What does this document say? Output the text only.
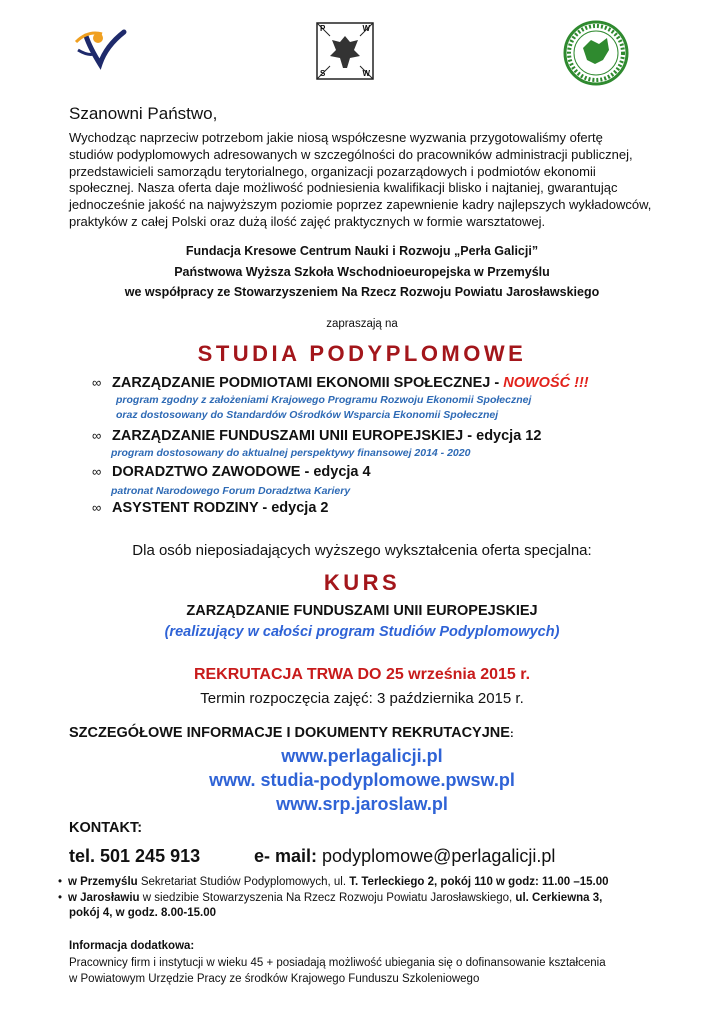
P	W
S	W
Szanowni Państwo,
Wychodząc naprzeciw potrzebom jakie niosą współczesne wyzwania przygotowaliśmy ofertę
studiów podyplomowych adresowanych w szczególności do pracowników administracji publicznej,
przedstawicieli samorządu terytorialnego, organizacji pozarządowych i podmiotów ekonomii
społecznej. Nasza oferta daje możliwość podniesienia kwalifikacji blisko i najtaniej, gwarantując
jednocześnie jakość na najwyższym poziomie poprzez zapewnienie kadry najlepszych wykładowców,
praktyków z całej Polski oraz dużą ilość zajęć praktycznych w formie warsztatowej.
Fundacja Kresowe Centrum Nauki i Rozwoju „Perła Galicji”
Państwowa Wyższa Szkoła Wschodnioeuropejska w Przemyślu
we współpracy ze Stowarzyszeniem Na Rzecz Rozwoju Powiatu Jarosławskiego
zapraszają na
STUDIA PODYPLOMOWE
∞ ZARZĄDZANIE PODMIOTAMI EKONOMII SPOŁECZNEJ - NOWOŚĆ !!!
program zgodny z założeniami Krajowego Programu Rozwoju Ekonomii Społecznej
oraz dostosowany do Standardów Ośrodków Wsparcia Ekonomii Społecznej
∞ ZARZĄDZANIE FUNDUSZAMI UNII EUROPEJSKIEJ - edycja 12
program dostosowany do aktualnej perspektywy finansowej 2014 - 2020
∞ DORADZTWO ZAWODOWE - edycja 4
patronat Narodowego Forum Doradztwa Kariery
∞ ASYSTENT RODZINY - edycja 2
Dla osób nieposiadających wyższego wykształcenia oferta specjalna:
KURS
ZARZĄDZANIE FUNDUSZAMI UNII EUROPEJSKIEJ
(realizujący w całości program Studiów Podyplomowych)
REKRUTACJA TRWA DO 25 września 2015 r.
Termin rozpoczęcia zajęć: 3 października 2015 r.
SZCZEGÓŁOWE INFORMACJE I DOKUMENTY REKRUTACYJNE:
www.perlagalicji.pl
www. studia-podyplomowe.pwsw.pl
www.srp.jaroslaw.pl
KONTAKT:
tel. 501 245 913	e- mail: podyplomowe@perlagalicji.pl
• w Przemyślu Sekretariat Studiów Podyplomowych, ul. T. Terleckiego 2, pokój 110 w godz: 11.00 –15.00
• w Jarosławiu w siedzibie Stowarzyszenia Na Rzecz Rozwoju Powiatu Jarosławskiego, ul. Cerkiewna 3,
pokój 4, w godz. 8.00-15.00
Informacja dodatkowa:
Pracownicy firm i instytucji w wieku 45 + posiadają możliwość ubiegania się o dofinansowanie kształcenia
w Powiatowym Urzędzie Pracy ze środków Krajowego Funduszu Szkoleniowego
